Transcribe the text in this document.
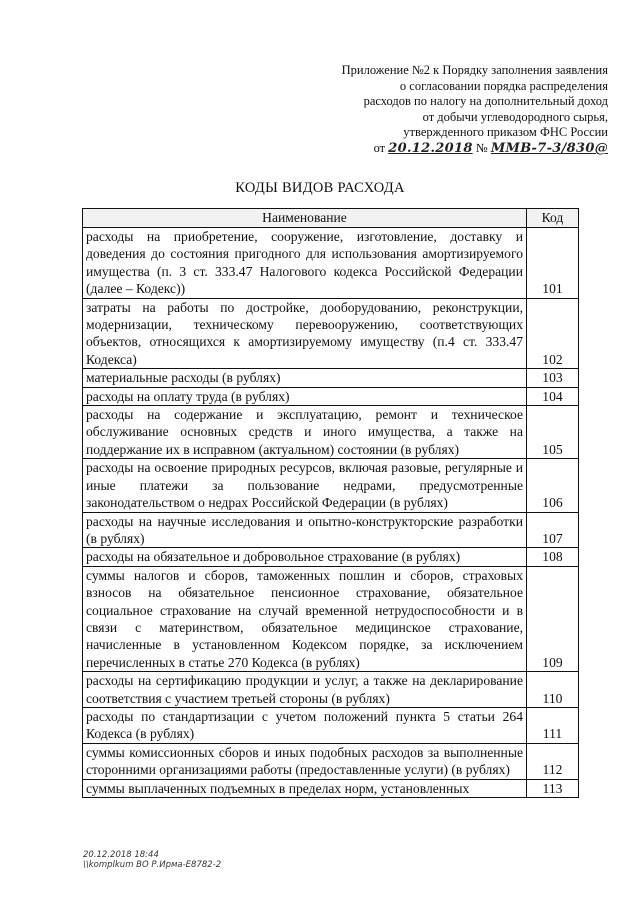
Приложение №2 к Порядку заполнения заявления
о согласовании порядка распределения
расходов по налогу на дополнительный доход
от добычи углеводородного сырья,
утвержденного приказом ФНС России
от 20.12.2018 № ММВ-7-3/830@
КОДЫ ВИДОВ РАСХОДА
Наименование	Код
расходы на приобретение, сооружение, изготовление, доставку и доведения до состояния пригодного для использования амортизируемого имущества (п. 3 ст. 333.47 Налогового кодекса Российской Федерации (далее – Кодекс))	101
затраты на работы по достройке, дооборудованию, реконструкции, модернизации, техническому перевооружению, соответствующих объектов, относящихся к амортизируемому имуществу (п.4 ст. 333.47 Кодекса)	102
материальные расходы (в рублях)	103
расходы на оплату труда (в рублях)	104
расходы на содержание и эксплуатацию, ремонт и техническое обслуживание основных средств и иного имущества, а также на поддержание их в исправном (актуальном) состоянии (в рублях)	105
расходы на освоение природных ресурсов, включая разовые, регулярные и иные платежи за пользование недрами, предусмотренные законодательством о недрах Российской Федерации (в рублях)	106
расходы на научные исследования и опытно-конструкторские разработки (в рублях)	107
расходы на обязательное и добровольное страхование (в рублях)	108
суммы налогов и сборов, таможенных пошлин и сборов, страховых взносов на обязательное пенсионное страхование, обязательное социальное страхование на случай временной нетрудоспособности и в связи с материнством, обязательное медицинское страхование, начисленные в установленном Кодексом порядке, за исключением перечисленных в статье 270 Кодекса (в рублях)	109
расходы на сертификацию продукции и услуг, а также на декларирование соответствия с участием третьей стороны (в рублях)	110
расходы по стандартизации с учетом положений пункта 5 статьи 264 Кодекса (в рублях)	111
суммы комиссионных сборов и иных подобных расходов за выполненные сторонними организациями работы (предоставленные услуги) (в рублях)	112
суммы выплаченных подъемных в пределах норм, установленных	113
20.12.2018 18:44
\\komplkum ВО Р.Ирма-Е8782-2
